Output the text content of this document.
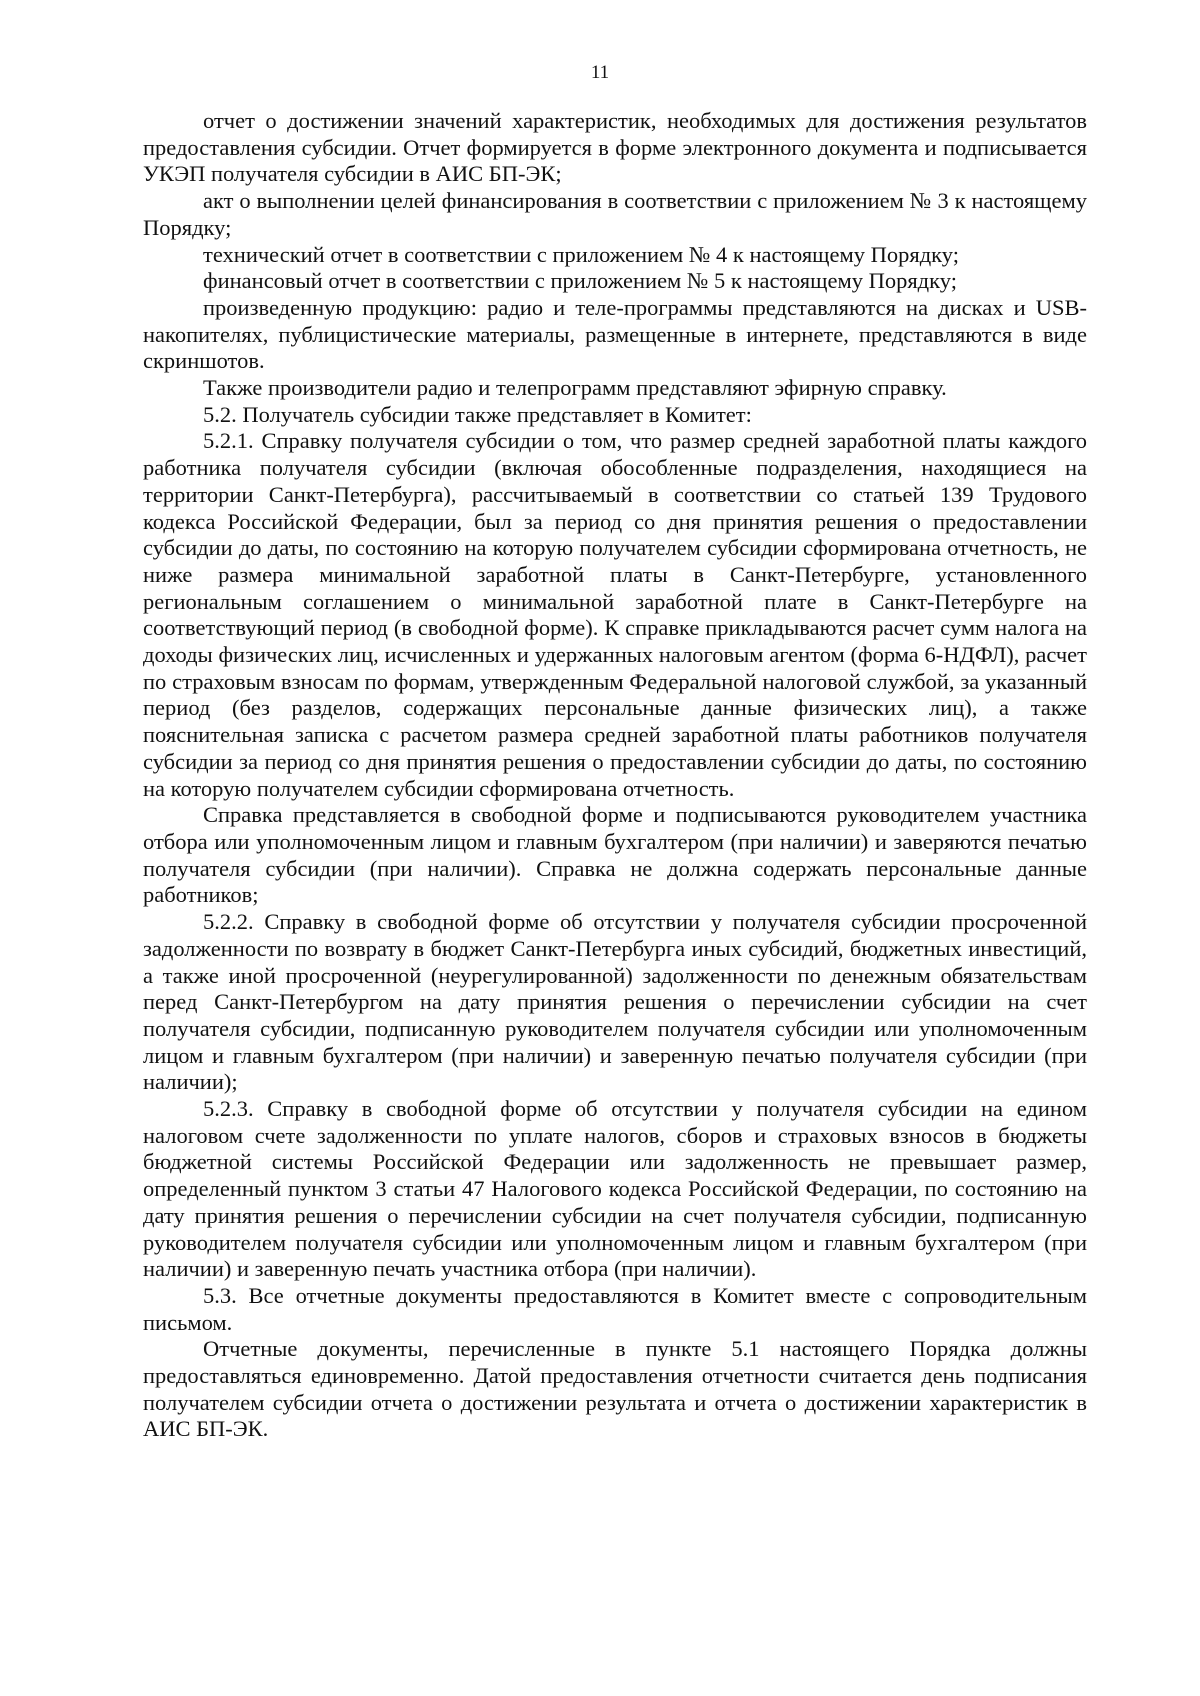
11

отчет о достижении значений характеристик, необходимых для достижения результатов предоставления субсидии. Отчет формируется в форме электронного документа и подписывается УКЭП получателя субсидии в АИС БП-ЭК;

акт о выполнении целей финансирования в соответствии с приложением № 3 к настоящему Порядку;

технический отчет в соответствии с приложением № 4 к настоящему Порядку;

финансовый отчет в соответствии с приложением № 5 к настоящему Порядку;

произведенную продукцию: радио и теле-программы представляются на дисках и USB-накопителях, публицистические материалы, размещенные в интернете, представляются в виде скриншотов.

Также производители радио и телепрограмм представляют эфирную справку.

5.2. Получатель субсидии также представляет в Комитет:

5.2.1. Справку получателя субсидии о том, что размер средней заработной платы каждого работника получателя субсидии (включая обособленные подразделения, находящиеся на территории Санкт-Петербурга), рассчитываемый в соответствии со статьей 139 Трудового кодекса Российской Федерации, был за период со дня принятия решения о предоставлении субсидии до даты, по состоянию на которую получателем субсидии сформирована отчетность, не ниже размера минимальной заработной платы в Санкт-Петербурге, установленного региональным соглашением о минимальной заработной плате в Санкт-Петербурге на соответствующий период (в свободной форме). К справке прикладываются расчет сумм налога на доходы физических лиц, исчисленных и удержанных налоговым агентом (форма 6-НДФЛ), расчет по страховым взносам по формам, утвержденным Федеральной налоговой службой, за указанный период (без разделов, содержащих персональные данные физических лиц), а также пояснительная записка с расчетом размера средней заработной платы работников получателя субсидии за период со дня принятия решения о предоставлении субсидии до даты, по состоянию на которую получателем субсидии сформирована отчетность.

Справка представляется в свободной форме и подписываются руководителем участника отбора или уполномоченным лицом и главным бухгалтером (при наличии) и заверяются печатью получателя субсидии (при наличии). Справка не должна содержать персональные данные работников;

5.2.2. Справку в свободной форме об отсутствии у получателя субсидии просроченной задолженности по возврату в бюджет Санкт-Петербурга иных субсидий, бюджетных инвестиций, а также иной просроченной (неурегулированной) задолженности по денежным обязательствам перед Санкт-Петербургом на дату принятия решения о перечислении субсидии на счет получателя субсидии, подписанную руководителем получателя субсидии или уполномоченным лицом и главным бухгалтером (при наличии) и заверенную печатью получателя субсидии (при наличии);

5.2.3. Справку в свободной форме об отсутствии у получателя субсидии на едином налоговом счете задолженности по уплате налогов, сборов и страховых взносов в бюджеты бюджетной системы Российской Федерации или задолженность не превышает размер, определенный пунктом 3 статьи 47 Налогового кодекса Российской Федерации, по состоянию на дату принятия решения о перечислении субсидии на счет получателя субсидии, подписанную руководителем получателя субсидии или уполномоченным лицом и главным бухгалтером (при наличии) и заверенную печать участника отбора (при наличии).

5.3. Все отчетные документы предоставляются в Комитет вместе с сопроводительным письмом.

Отчетные документы, перечисленные в пункте 5.1 настоящего Порядка должны предоставляться единовременно. Датой предоставления отчетности считается день подписания получателем субсидии отчета о достижении результата и отчета о достижении характеристик в АИС БП-ЭК.
